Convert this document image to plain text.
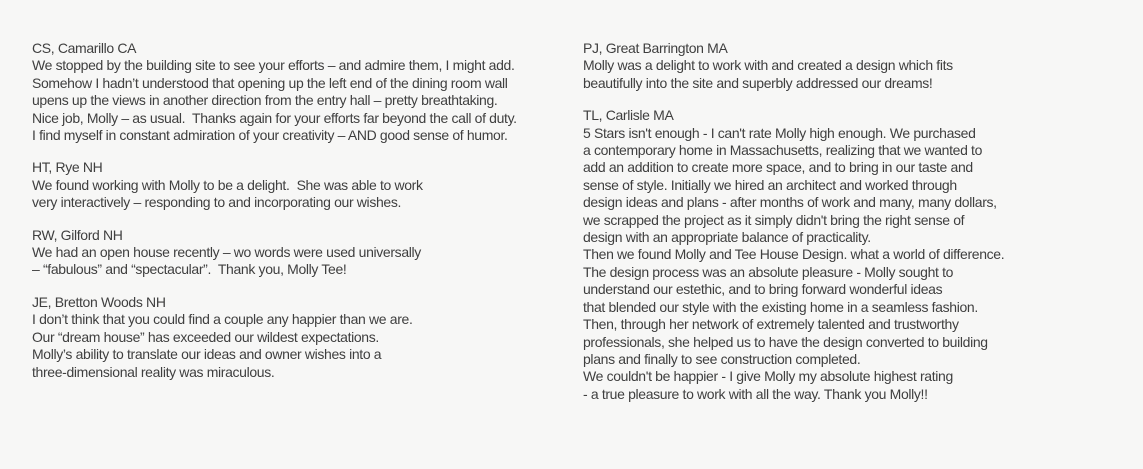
CS, Camarillo CA
We stopped by the building site to see your efforts – and admire them, I might add.
Somehow I hadn’t understood that opening up the left end of the dining room wall
upens up the views in another direction from the entry hall – pretty breathtaking.
Nice job, Molly – as usual.  Thanks again for your efforts far beyond the call of duty.
I find myself in constant admiration of your creativity – AND good sense of humor.
HT, Rye NH
We found working with Molly to be a delight.  She was able to work
very interactively – responding to and incorporating our wishes.
RW, Gilford NH
We had an open house recently – wo words were used universally
– “fabulous” and “spectacular”.  Thank you, Molly Tee!
JE, Bretton Woods NH
I don’t think that you could find a couple any happier than we are.
Our “dream house” has exceeded our wildest expectations.
Molly’s ability to translate our ideas and owner wishes into a
three-dimensional reality was miraculous.
PJ, Great Barrington MA
Molly was a delight to work with and created a design which fits
beautifully into the site and superbly addressed our dreams!
TL, Carlisle MA
5 Stars isn't enough - I can't rate Molly high enough. We purchased
a contemporary home in Massachusetts, realizing that we wanted to
add an addition to create more space, and to bring in our taste and
sense of style. Initially we hired an architect and worked through
design ideas and plans - after months of work and many, many dollars,
we scrapped the project as it simply didn't bring the right sense of
design with an appropriate balance of practicality.
Then we found Molly and Tee House Design. what a world of difference.
The design process was an absolute pleasure - Molly sought to
understand our estethic, and to bring forward wonderful ideas
that blended our style with the existing home in a seamless fashion.
Then, through her network of extremely talented and trustworthy
professionals, she helped us to have the design converted to building
plans and finally to see construction completed.
We couldn't be happier - I give Molly my absolute highest rating
- a true pleasure to work with all the way. Thank you Molly!!
